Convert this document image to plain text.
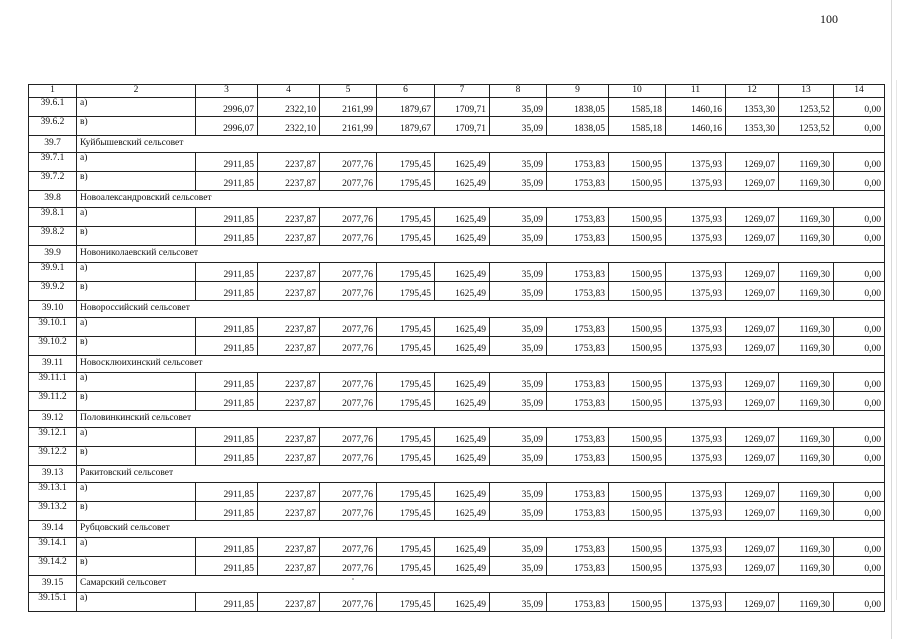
100
1	2	3	4	5	6	7	8	9	10	11	12	13	14
39.6.1	а)	2996,07	2322,10	2161,99	1879,67	1709,71	35,09	1838,05	1585,18	1460,16	1353,30	1253,52	0,00
39.6.2	в)	2996,07	2322,10	2161,99	1879,67	1709,71	35,09	1838,05	1585,18	1460,16	1353,30	1253,52	0,00
39.7	Куйбышевский сельсовет												
39.7.1	а)	2911,85	2237,87	2077,76	1795,45	1625,49	35,09	1753,83	1500,95	1375,93	1269,07	1169,30	0,00
39.7.2	в)	2911,85	2237,87	2077,76	1795,45	1625,49	35,09	1753,83	1500,95	1375,93	1269,07	1169,30	0,00
39.8	Новоалександровский сельсовет												
39.8.1	а)	2911,85	2237,87	2077,76	1795,45	1625,49	35,09	1753,83	1500,95	1375,93	1269,07	1169,30	0,00
39.8.2	в)	2911,85	2237,87	2077,76	1795,45	1625,49	35,09	1753,83	1500,95	1375,93	1269,07	1169,30	0,00
39.9	Новониколаевский сельсовет												
39.9.1	а)	2911,85	2237,87	2077,76	1795,45	1625,49	35,09	1753,83	1500,95	1375,93	1269,07	1169,30	0,00
39.9.2	в)	2911,85	2237,87	2077,76	1795,45	1625,49	35,09	1753,83	1500,95	1375,93	1269,07	1169,30	0,00
39.10	Новороссийский сельсовет												
39.10.1	а)	2911,85	2237,87	2077,76	1795,45	1625,49	35,09	1753,83	1500,95	1375,93	1269,07	1169,30	0,00
39.10.2	в)	2911,85	2237,87	2077,76	1795,45	1625,49	35,09	1753,83	1500,95	1375,93	1269,07	1169,30	0,00
39.11	Новосклюихинский сельсовет												
39.11.1	а)	2911,85	2237,87	2077,76	1795,45	1625,49	35,09	1753,83	1500,95	1375,93	1269,07	1169,30	0,00
39.11.2	в)	2911,85	2237,87	2077,76	1795,45	1625,49	35,09	1753,83	1500,95	1375,93	1269,07	1169,30	0,00
39.12	Половинкинский сельсовет												
39.12.1	а)	2911,85	2237,87	2077,76	1795,45	1625,49	35,09	1753,83	1500,95	1375,93	1269,07	1169,30	0,00
39.12.2	в)	2911,85	2237,87	2077,76	1795,45	1625,49	35,09	1753,83	1500,95	1375,93	1269,07	1169,30	0,00
39.13	Ракитовский сельсовет												
39.13.1	а)	2911,85	2237,87	2077,76	1795,45	1625,49	35,09	1753,83	1500,95	1375,93	1269,07	1169,30	0,00
39.13.2	в)	2911,85	2237,87	2077,76	1795,45	1625,49	35,09	1753,83	1500,95	1375,93	1269,07	1169,30	0,00
39.14	Рубцовский сельсовет												
39.14.1	а)	2911,85	2237,87	2077,76	1795,45	1625,49	35,09	1753,83	1500,95	1375,93	1269,07	1169,30	0,00
39.14.2	в)	2911,85	2237,87	2077,76	1795,45	1625,49	35,09	1753,83	1500,95	1375,93	1269,07	1169,30	0,00
39.15	Самарский сельсовет												
39.15.1	а)	2911,85	2237,87	2077,76	1795,45	1625,49	35,09	1753,83	1500,95	1375,93	1269,07	1169,30	0,00
